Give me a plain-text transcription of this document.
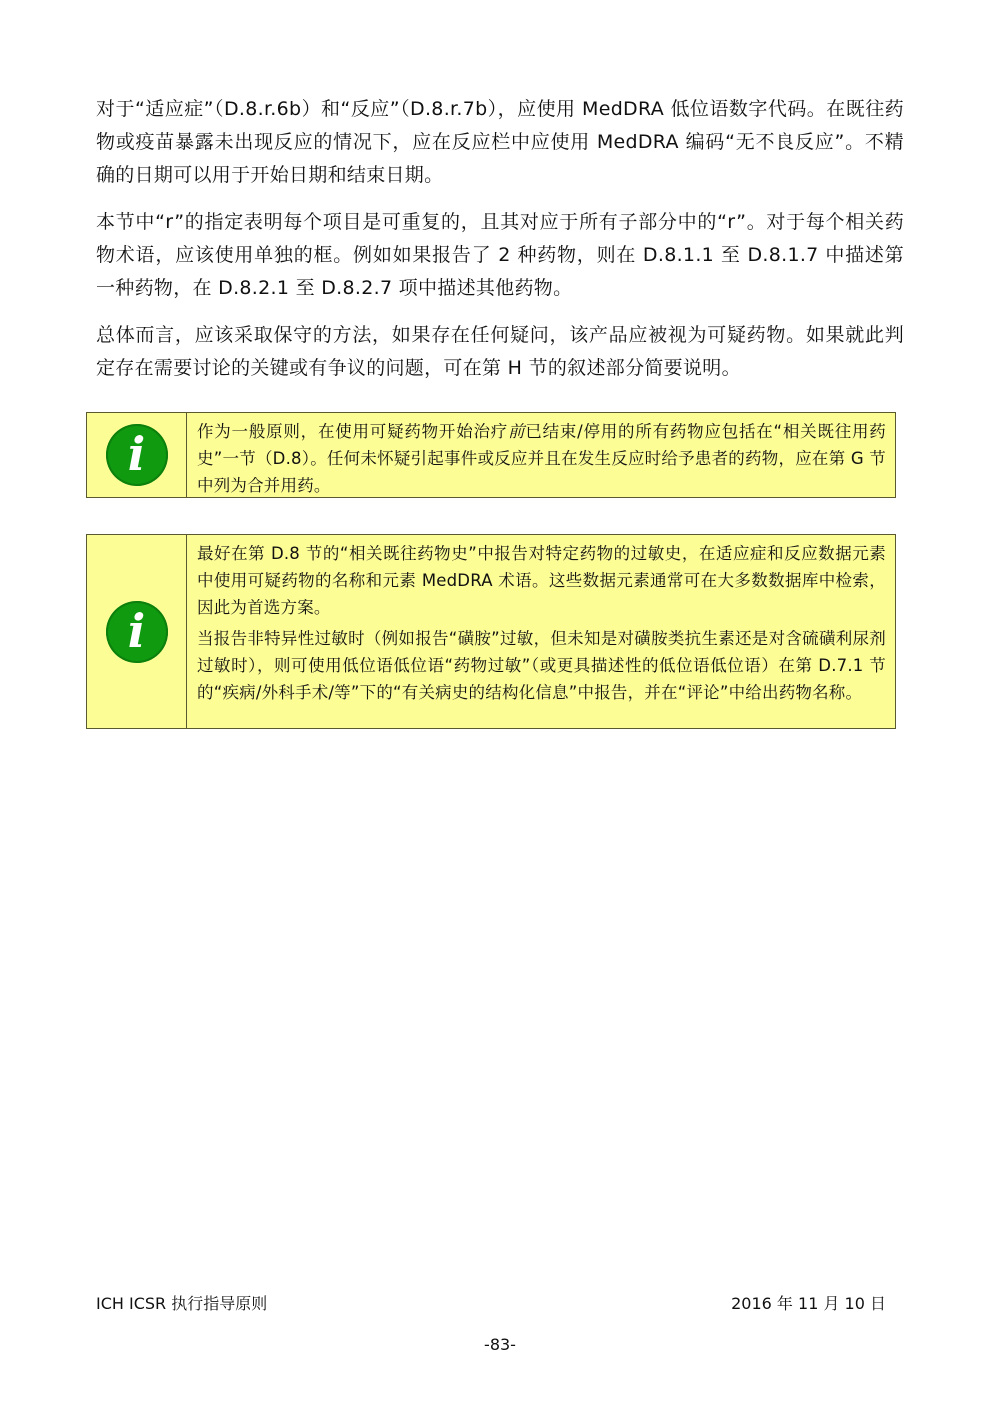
对于“适应症”（D.8.r.6b）和“反应”（D.8.r.7b），应使用 MedDRA 低位语数字代码。在既往药物或疫苗暴露未出现反应的情况下，应在反应栏中应使用 MedDRA 编码“无不良反应”。不精确的日期可以用于开始日期和结束日期。

本节中“r”的指定表明每个项目是可重复的，且其对应于所有子部分中的“r”。对于每个相关药物术语，应该使用单独的框。例如如果报告了 2 种药物，则在 D.8.1.1 至 D.8.1.7 中描述第一种药物，在 D.8.2.1 至 D.8.2.7 项中描述其他药物。

总体而言，应该采取保守的方法，如果存在任何疑问，该产品应被视为可疑药物。如果就此判定存在需要讨论的关键或有争议的问题，可在第 H 节的叙述部分简要说明。

i	作为一般原则，在使用可疑药物开始治疗前已结束/停用的所有药物应包括在“相关既往用药史”一节（D.8）。任何未怀疑引起事件或反应并且在发生反应时给予患者的药物，应在第 G 节中列为合并用药。

i

最好在第 D.8 节的“相关既往药物史”中报告对特定药物的过敏史，在适应症和反应数据元素中使用可疑药物的名称和元素 MedDRA 术语。这些数据元素通常可在大多数数据库中检索，因此为首选方案。

当报告非特异性过敏时（例如报告“磺胺”过敏，但未知是对磺胺类抗生素还是对含硫磺利尿剂过敏时），则可使用低位语低位语“药物过敏”（或更具描述性的低位语低位语）在第 D.7.1 节的“疾病/外科手术/等”下的“有关病史的结构化信息”中报告，并在“评论”中给出药物名称。

ICH ICSR 执行指导原则	2016 年 11 月 10 日
-83-
